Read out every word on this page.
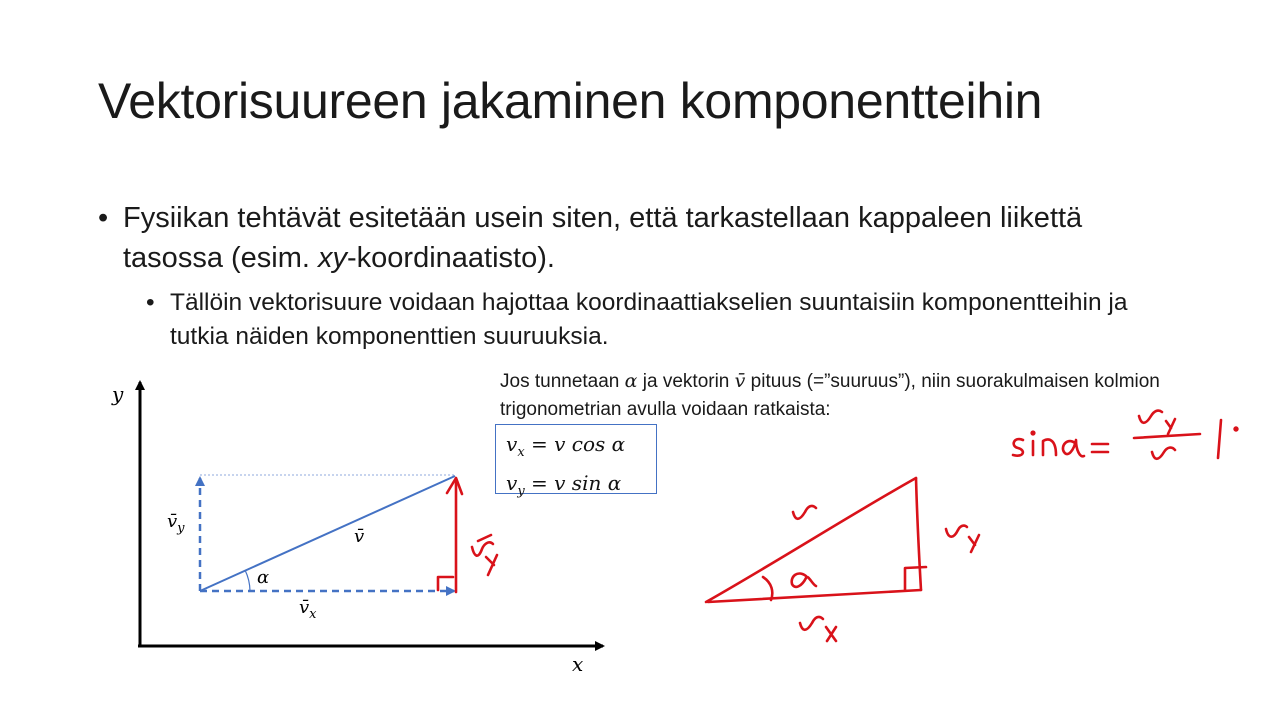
Vektorisuureen jakaminen komponentteihin
• Fysiikan tehtävät esitetään usein siten, että tarkastellaan kappaleen liikettä tasossa (esim. xy-koordinaatisto).
• Tällöin vektorisuure voidaan hajottaa koordinaattiakselien suuntaisiin komponentteihin ja tutkia näiden komponenttien suuruuksia.
Jos tunnetaan α ja vektorin v̄ pituus (=”suuruus”), niin suorakulmaisen kolmion trigonometrian avulla voidaan ratkaista:
$v_x = v$ cos α
$v_y = v$ sin α
y
x
α
v̄
$v̄_y$
$v̄_x$
